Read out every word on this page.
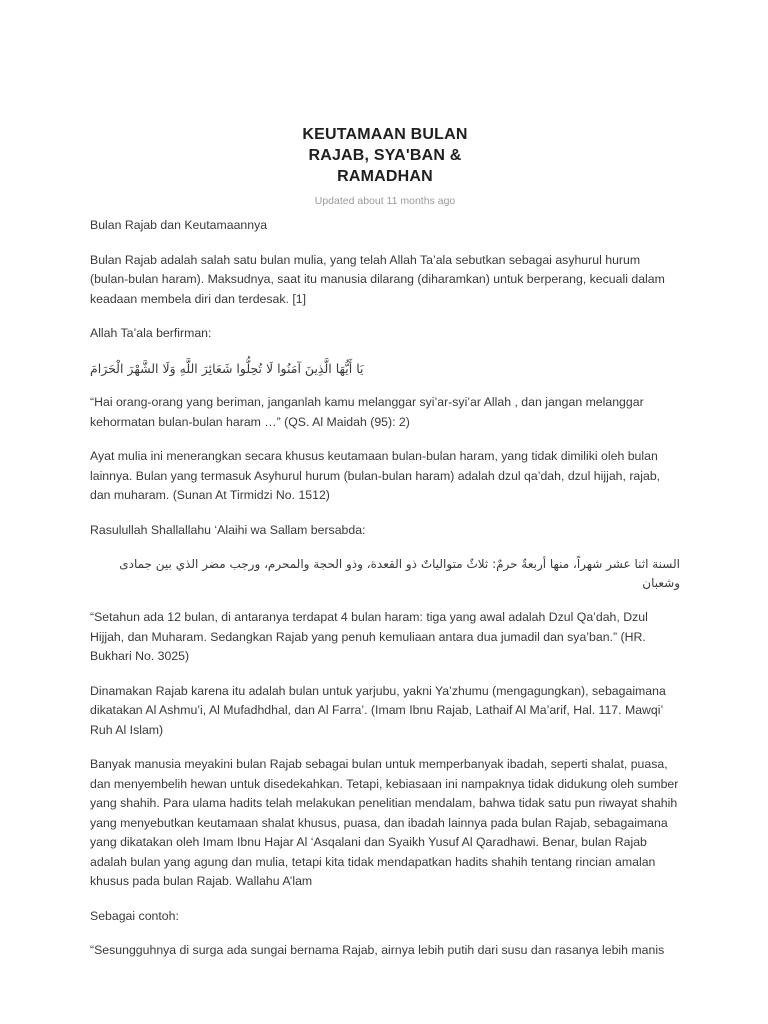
KEUTAMAAN BULAN
RAJAB, SYA'BAN &
RAMADHAN
Updated about 11 months ago

Bulan Rajab dan Keutamaannya

Bulan Rajab adalah salah satu bulan mulia, yang telah Allah Ta’ala sebutkan sebagai asyhurul hurum (bulan-bulan haram). Maksudnya, saat itu manusia dilarang (diharamkan) untuk berperang, kecuali dalam keadaan membela diri dan terdesak. [1]

Allah Ta’ala berfirman:

يَا أَيُّهَا الَّذِينَ آمَنُوا لَا تُحِلُّوا شَعَائِرَ اللَّهِ وَلَا الشَّهْرَ الْحَرَامَ

“Hai orang-orang yang beriman, janganlah kamu melanggar syi’ar-syi’ar Allah , dan jangan melanggar kehormatan bulan-bulan haram …” (QS. Al Maidah (95): 2)

Ayat mulia ini menerangkan secara khusus keutamaan bulan-bulan haram, yang tidak dimiliki oleh bulan lainnya. Bulan yang termasuk Asyhurul hurum (bulan-bulan haram) adalah dzul qa’dah, dzul hijjah, rajab, dan muharam. (Sunan At Tirmidzi No. 1512)

Rasulullah Shallallahu ‘Alaihi wa Sallam bersabda:

السنة اثنا عشر شهراً، منها أربعةٌ حرمٌ: ثلاثٌ متوالياتٌ ذو القعدة، وذو الحجة والمحرم، ورجب مضر الذي بين جمادى وشعبان

“Setahun ada 12 bulan, di antaranya terdapat 4 bulan haram: tiga yang awal adalah Dzul Qa’dah, Dzul Hijjah, dan Muharam. Sedangkan Rajab yang penuh kemuliaan antara dua jumadil dan sya’ban.” (HR. Bukhari No. 3025)

Dinamakan Rajab karena itu adalah bulan untuk yarjubu, yakni Ya’zhumu (mengagungkan), sebagaimana dikatakan Al Ashmu’i, Al Mufadhdhal, dan Al Farra’. (Imam Ibnu Rajab, Lathaif Al Ma’arif, Hal. 117. Mawqi’ Ruh Al Islam)

Banyak manusia meyakini bulan Rajab sebagai bulan untuk memperbanyak ibadah, seperti shalat, puasa, dan menyembelih hewan untuk disedekahkan. Tetapi, kebiasaan ini nampaknya tidak didukung oleh sumber yang shahih. Para ulama hadits telah melakukan penelitian mendalam, bahwa tidak satu pun riwayat shahih yang menyebutkan keutamaan shalat khusus, puasa, dan ibadah lainnya pada bulan Rajab, sebagaimana yang dikatakan oleh Imam Ibnu Hajar Al ‘Asqalani dan Syaikh Yusuf Al Qaradhawi. Benar, bulan Rajab adalah bulan yang agung dan mulia, tetapi kita tidak mendapatkan hadits shahih tentang rincian amalan khusus pada bulan Rajab. Wallahu A’lam

Sebagai contoh:

“Sesungguhnya di surga ada sungai bernama Rajab, airnya lebih putih dari susu dan rasanya lebih manis
